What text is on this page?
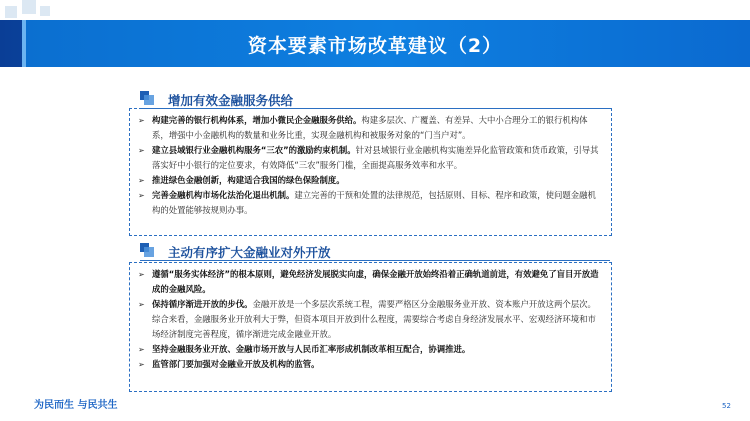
资本要素市场改革建议（2）
增加有效金融服务供给
➢ 构建完善的银行机构体系，增加小微民企金融服务供给。构建多层次、广覆盖、有差异、大中小合理分工的银行机构体系，增强中小金融机构的数量和业务比重，实现金融机构和被服务对象的“门当户对”。
➢ 建立县域银行业金融机构服务“三农”的激励约束机制。针对县域银行业金融机构实施差异化监管政策和货币政策，引导其落实好中小银行的定位要求，有效降低“三农”服务门槛，全面提高服务效率和水平。
➢ 推进绿色金融创新，构建适合我国的绿色保险制度。
➢ 完善金融机构市场化法治化退出机制。建立完善的干预和处置的法律规范，包括原则、目标、程序和政策，使问题金融机构的处置能够按规则办事。
主动有序扩大金融业对外开放
➢ 遵循“服务实体经济”的根本原则，避免经济发展脱实向虚，确保金融开放始终沿着正确轨道前进，有效避免了盲目开放造成的金融风险。
➢ 保持循序渐进开放的步伐。金融开放是一个多层次系统工程，需要严格区分金融服务业开放、资本账户开放这两个层次。综合来看，金融服务业开放利大于弊，但资本项目开放到什么程度，需要综合考虑自身经济发展水平、宏观经济环境和市场经济制度完善程度，循序渐进完成金融业开放。
➢ 坚持金融服务业开放、金融市场开放与人民币汇率形成机制改革相互配合，协调推进。
➢ 监管部门要加强对金融业开放及机构的监管。
为民而生 与民共生	52
